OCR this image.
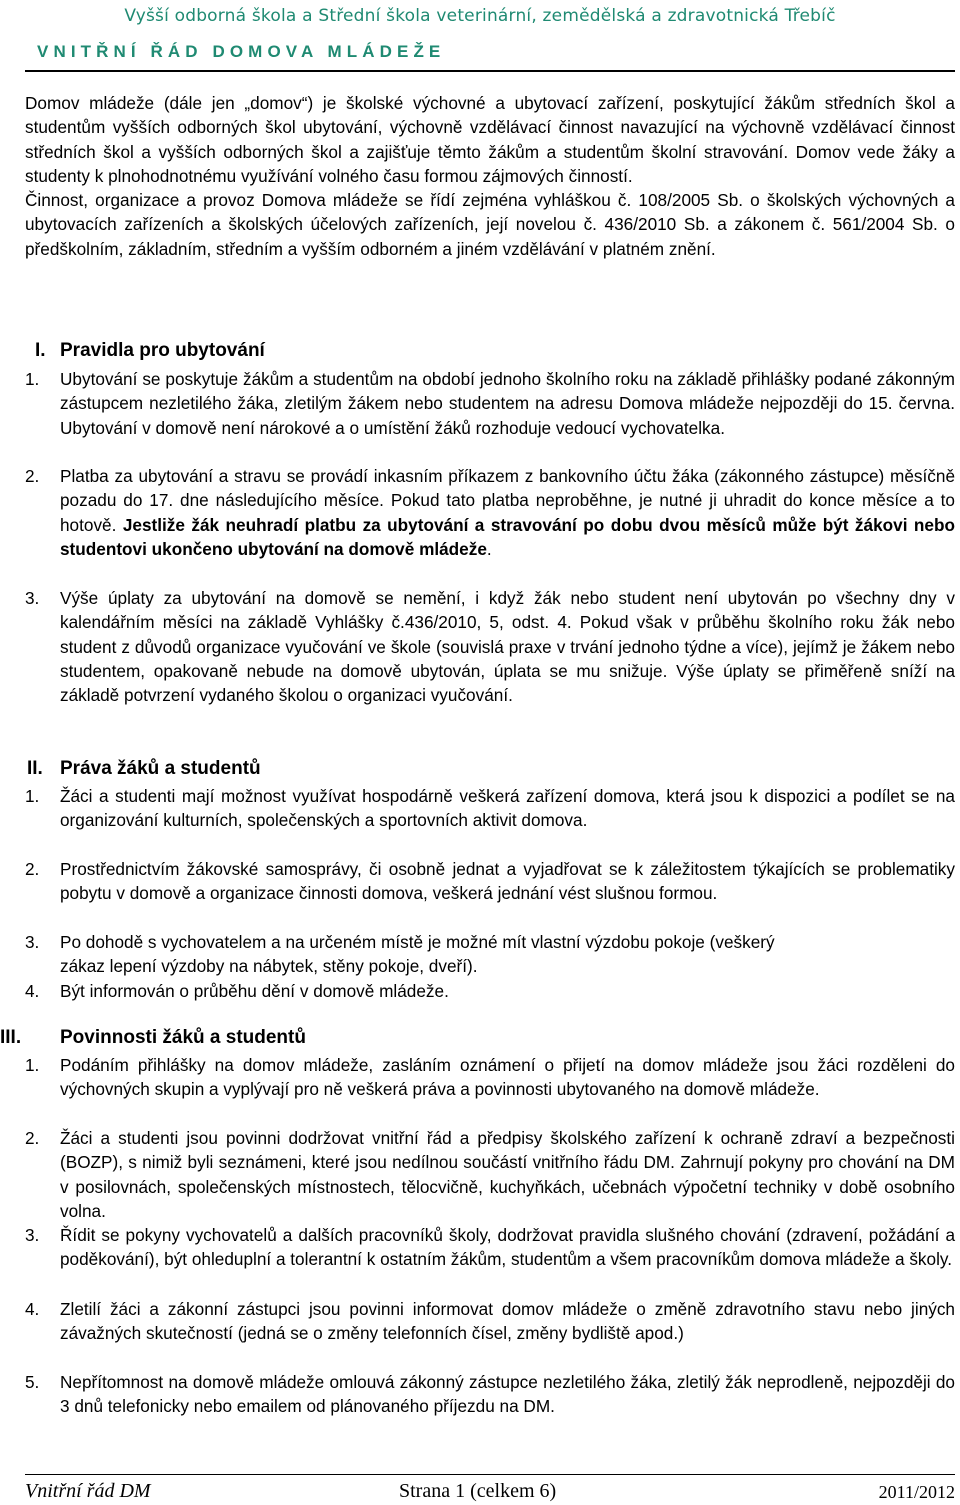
Vyšší odborná škola a Střední škola veterinární, zemědělská a zdravotnická Třebíč
VNITŘNÍ ŘÁD DOMOVA MLÁDEŽE

Domov mládeže (dále jen „domov“) je školské výchovné a ubytovací zařízení, poskytující žákům středních škol a studentům vyšších odborných škol ubytování, výchovně vzdělávací činnost navazující na výchovně vzdělávací činnost středních škol a vyšších odborných škol a zajišťuje těmto žákům a studentům školní stravování. Domov vede žáky a studenty k plnohodnotnému využívání volného času formou zájmových činností.

Činnost, organizace a provoz Domova mládeže se řídí zejména vyhláškou č. 108/2005 Sb. o školských výchovných a ubytovacích zařízeních a školských účelových zařízeních, její novelou č. 436/2010 Sb. a zákonem č. 561/2004 Sb. o předškolním, základním, středním a vyšším odborném a jiném vzdělávání v platném znění.

I. Pravidla pro ubytování
1. Ubytování se poskytuje žákům a studentům na období jednoho školního roku na základě přihlášky podané zákonným zástupcem nezletilého žáka, zletilým žákem nebo studentem na adresu Domova mládeže nejpozději do 15. června. Ubytování v domově není nárokové a o umístění žáků rozhoduje vedoucí vychovatelka.
2. Platba za ubytování a stravu se provádí inkasním příkazem z bankovního účtu žáka (zákonného zástupce) měsíčně pozadu do 17. dne následujícího měsíce. Pokud tato platba neproběhne, je nutné ji uhradit do konce měsíce a to hotově. Jestliže žák neuhradí platbu za ubytování a stravování po dobu dvou měsíců může být žákovi nebo studentovi ukončeno ubytování na domově mládeže.
3. Výše úplaty za ubytování na domově se nemění, i když žák nebo student není ubytován po všechny dny v kalendářním měsíci na základě Vyhlášky č.436/2010, 5, odst. 4. Pokud však v průběhu školního roku žák nebo student z důvodů organizace vyučování ve škole (souvislá praxe v trvání jednoho týdne a více), jejímž je žákem nebo studentem, opakovaně nebude na domově ubytován, úplata se mu snižuje. Výše úplaty se přiměřeně sníží na základě potvrzení vydaného školou o organizaci vyučování.
II. Práva žáků a studentů
1. Žáci a studenti mají možnost využívat hospodárně veškerá zařízení domova, která jsou k dispozici a podílet se na organizování kulturních, společenských a sportovních aktivit domova.
2. Prostřednictvím žákovské samosprávy, či osobně jednat a vyjadřovat se k záležitostem týkajících se problematiky pobytu v domově a organizace činnosti domova, veškerá jednání vést slušnou formou.
3. Po dohodě s vychovatelem a na určeném místě je možné mít vlastní výzdobu pokoje (veškerý zákaz lepení výzdoby na nábytek, stěny pokoje, dveří).
4. Být informován o průběhu dění v domově mládeže.
III. Povinnosti žáků a studentů
1. Podáním přihlášky na domov mládeže, zasláním oznámení o přijetí na domov mládeže jsou žáci rozděleni do výchovných skupin a vyplývají pro ně veškerá práva a povinnosti ubytovaného na domově mládeže.
2. Žáci a studenti jsou povinni dodržovat vnitřní řád a předpisy školského zařízení k ochraně zdraví a bezpečnosti (BOZP), s nimiž byli seznámeni, které jsou nedílnou součástí vnitřního řádu DM. Zahrnují pokyny pro chování na DM v posilovnách, společenských místnostech, tělocvičně, kuchyňkách, učebnách výpočetní techniky v době osobního volna.
3. Řídit se pokyny vychovatelů a dalších pracovníků školy, dodržovat pravidla slušného chování (zdravení, požádání a poděkování), být ohleduplní a tolerantní k ostatním žákům, studentům a všem pracovníkům domova mládeže a školy.
4. Zletilí žáci a zákonní zástupci jsou povinni informovat domov mládeže o změně zdravotního stavu nebo jiných závažných skutečností (jedná se o změny telefonních čísel, změny bydliště apod.)
5. Nepřítomnost na domově mládeže omlouvá zákonný zástupce nezletilého žáka, zletilý žák neprodleně, nejpozději do 3 dnů telefonicky nebo emailem od plánovaného příjezdu na DM.
Vnitřní řád DM	Strana 1 (celkem 6)	2011/2012
